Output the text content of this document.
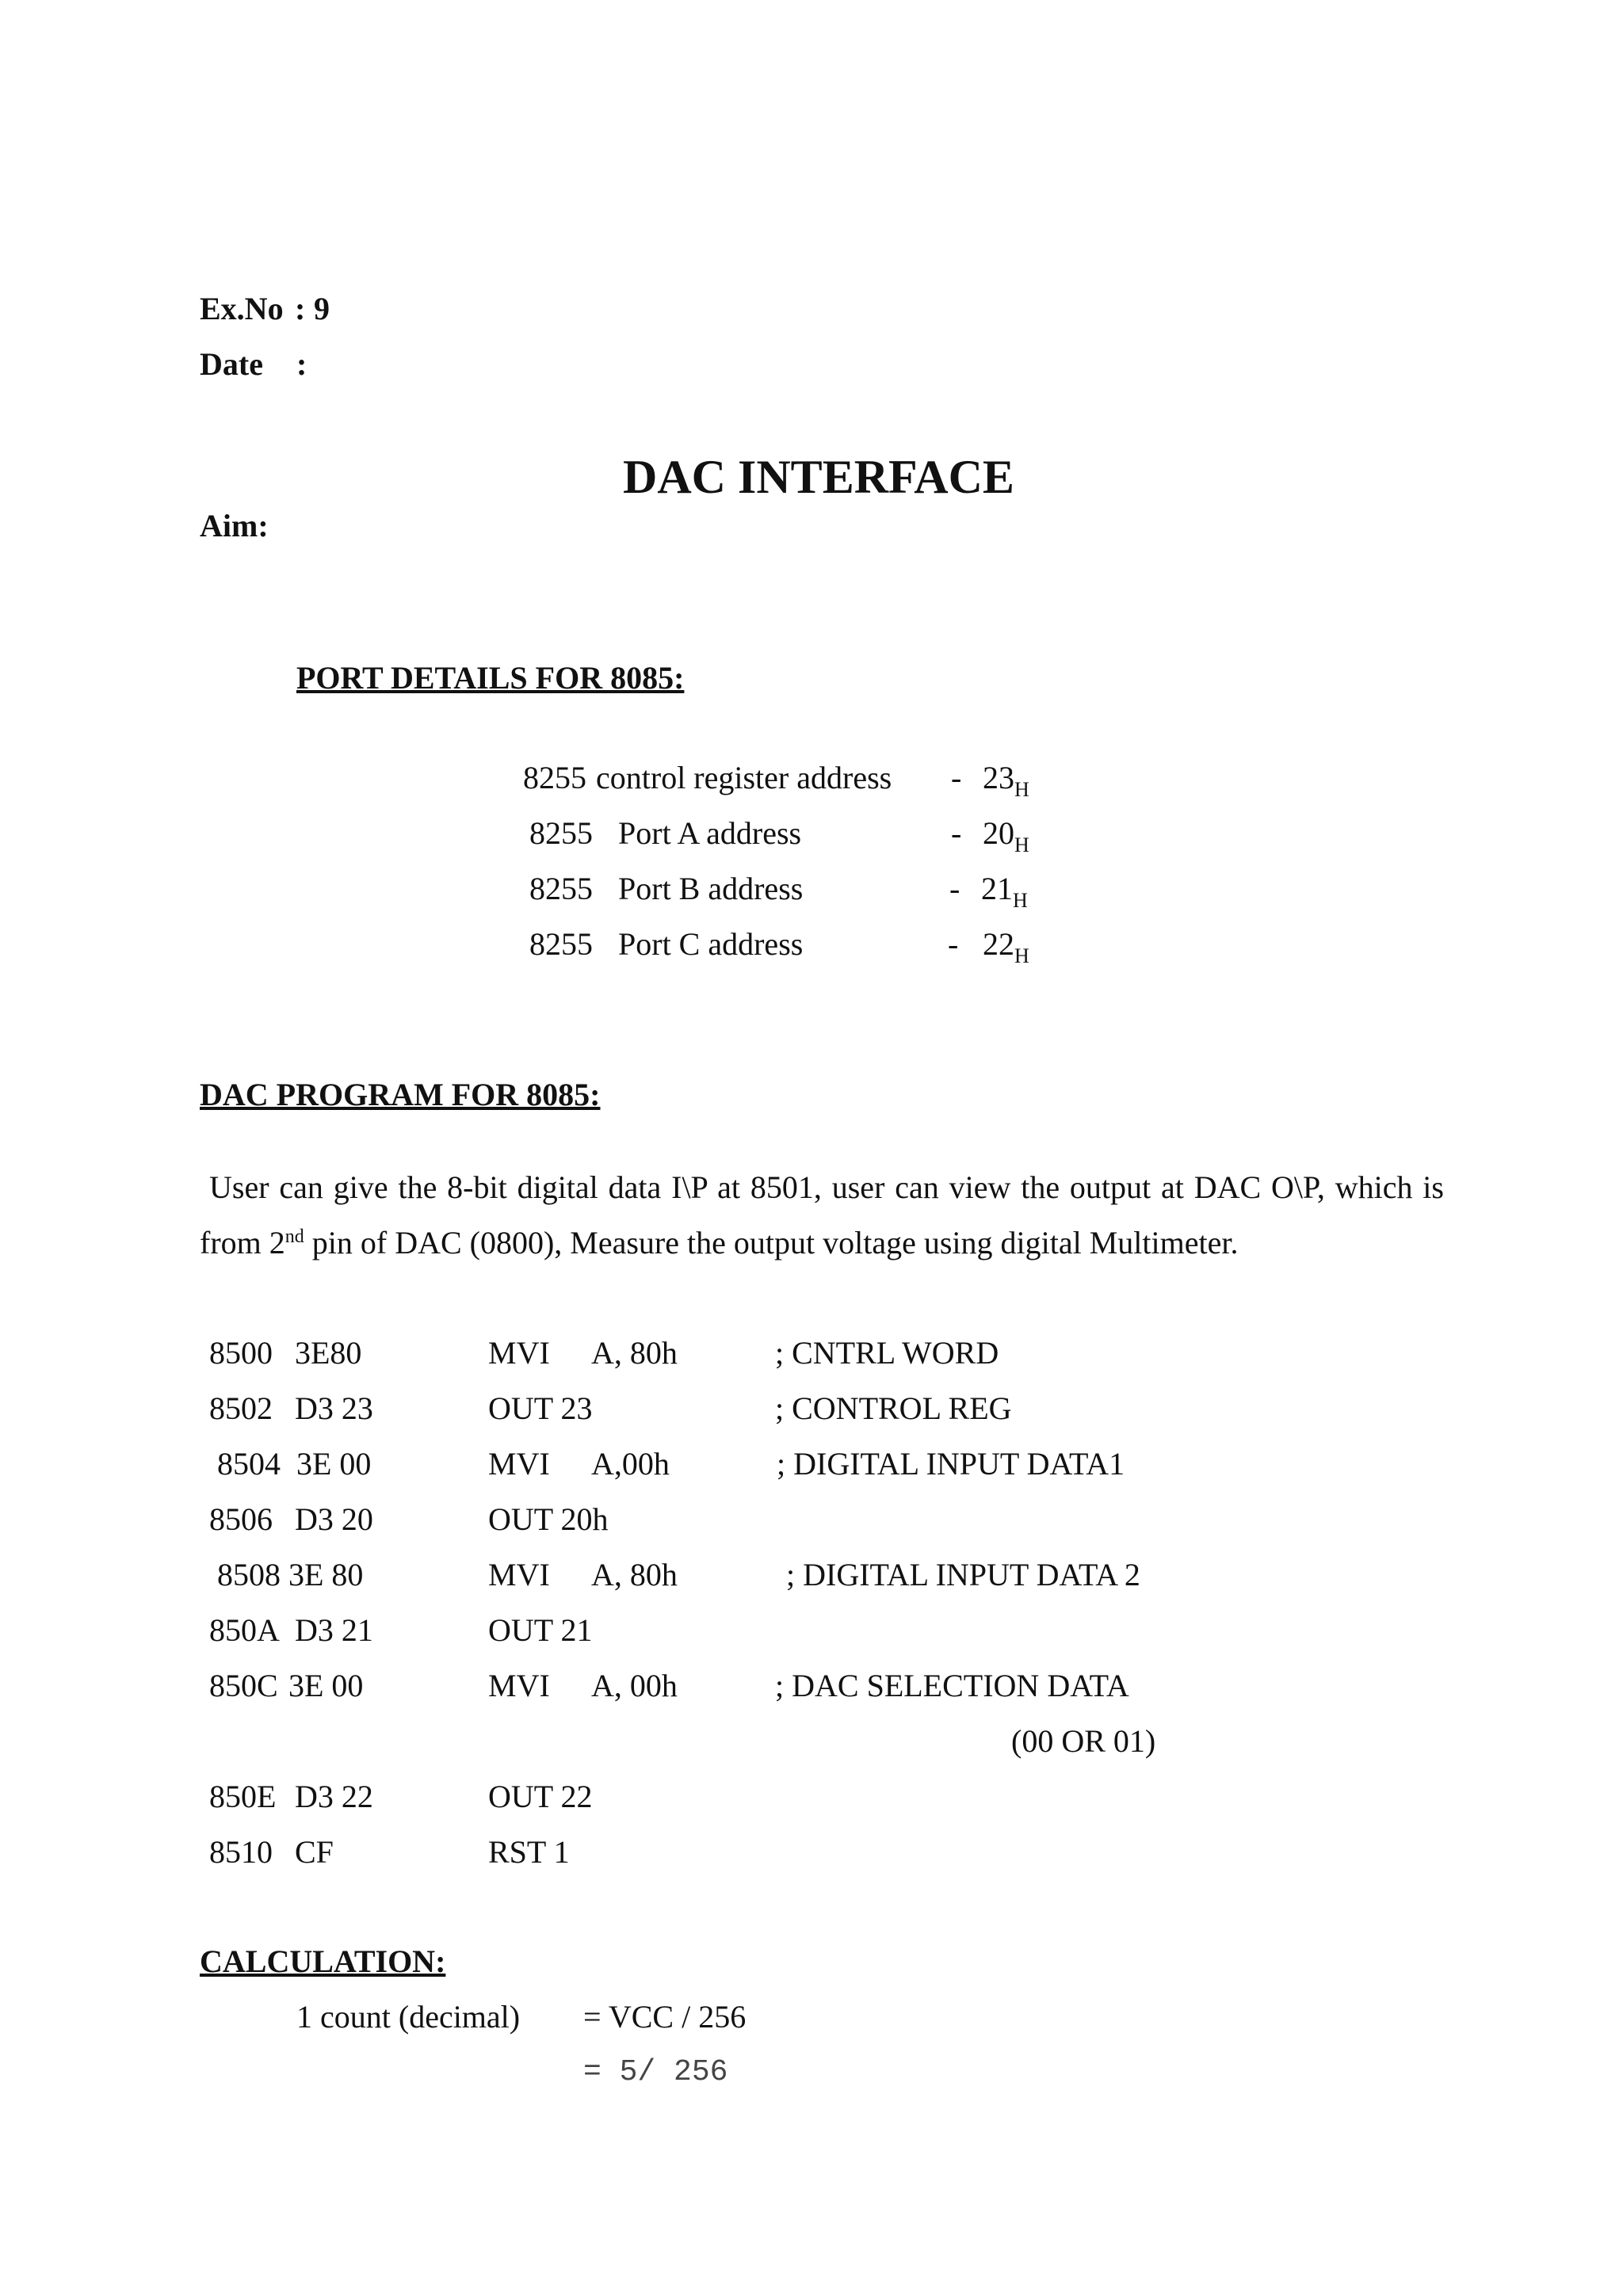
Ex.No : 9
Date :
DAC INTERFACE
Aim:
PORT DETAILS FOR 8085:
8255 control register address - $23_H$
8255 Port A address	- $20_H$
8255 Port B address	- $21_H$
8255 Port C address	- $22_H$
DAC PROGRAM FOR 8085:

User can give the 8-bit digital data I\P at 8501, user can view the output at DAC O\P, which is from 2nd pin of DAC (0800), Measure the output voltage using digital Multimeter.

8500 3E80	MVI A, 80h	; CNTRL WORD
8502 D3 23	OUT 23	; CONTROL REG
8504 3E 00	MVI A,00h	; DIGITAL INPUT DATA1
8506 D3 20	OUT 20h
8508 3E 80	MVI A, 80h	; DIGITAL INPUT DATA 2
850A D3 21	OUT 21
850C 3E 00	MVI A, 00h	; DAC SELECTION DATA
(00 OR 01)
850E D3 22	OUT 22
8510 CF	RST 1
CALCULATION:
1 count (decimal) = VCC / 256
= 5/ 256
